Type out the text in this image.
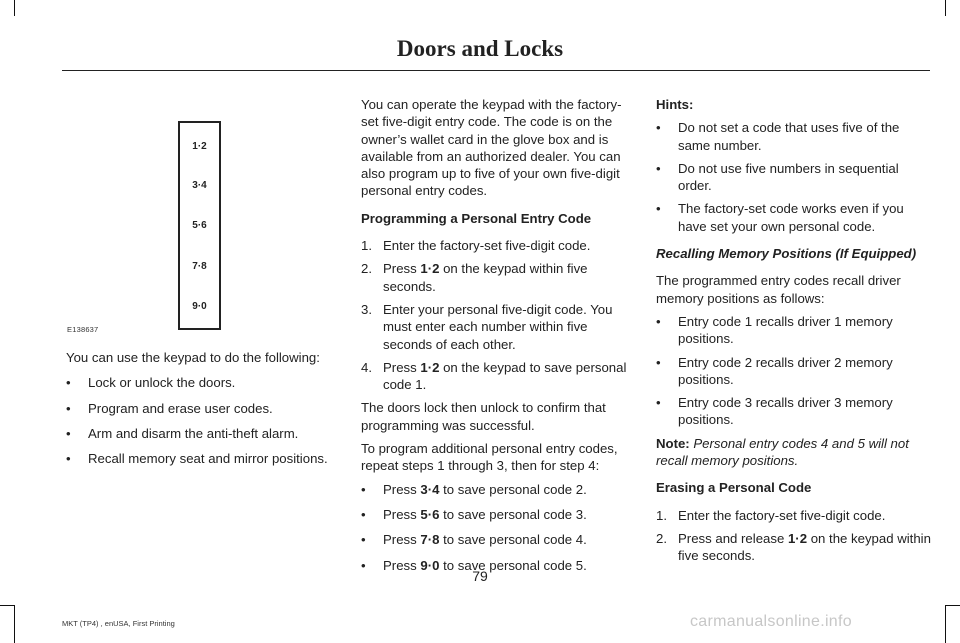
Doors and Locks
1·2
3·4
5·6
7·8
9·0
E138637

You can use the keypad to do the following:

• Lock or unlock the doors.
• Program and erase user codes.
• Arm and disarm the anti-theft alarm.
• Recall memory seat and mirror positions.

You can operate the keypad with the factory-set five-digit entry code. The code is on the owner’s wallet card in the glove box and is available from an authorized dealer. You can also program up to five of your own five-digit personal entry codes.

Programming a Personal Entry Code

1. Enter the factory-set five-digit code.
2. Press 1·2 on the keypad within five seconds.
3. Enter your personal five-digit code. You must enter each number within five seconds of each other.
4. Press 1·2 on the keypad to save personal code 1.

The doors lock then unlock to confirm that programming was successful.

To program additional personal entry codes, repeat steps 1 through 3, then for step 4:

• Press 3·4 to save personal code 2.
• Press 5·6 to save personal code 3.
• Press 7·8 to save personal code 4.
• Press 9·0 to save personal code 5.

Hints:

• Do not set a code that uses five of the same number.
• Do not use five numbers in sequential order.
• The factory-set code works even if you have set your own personal code.

Recalling Memory Positions (If Equipped)

The programmed entry codes recall driver memory positions as follows:

• Entry code 1 recalls driver 1 memory positions.
• Entry code 2 recalls driver 2 memory positions.
• Entry code 3 recalls driver 3 memory positions.

Note: Personal entry codes 4 and 5 will not recall memory positions.

Erasing a Personal Code

1. Enter the factory-set five-digit code.
2. Press and release 1·2 on the keypad within five seconds.
79
MKT (TP4) , enUSA, First Printing	carmanualsonline.info
